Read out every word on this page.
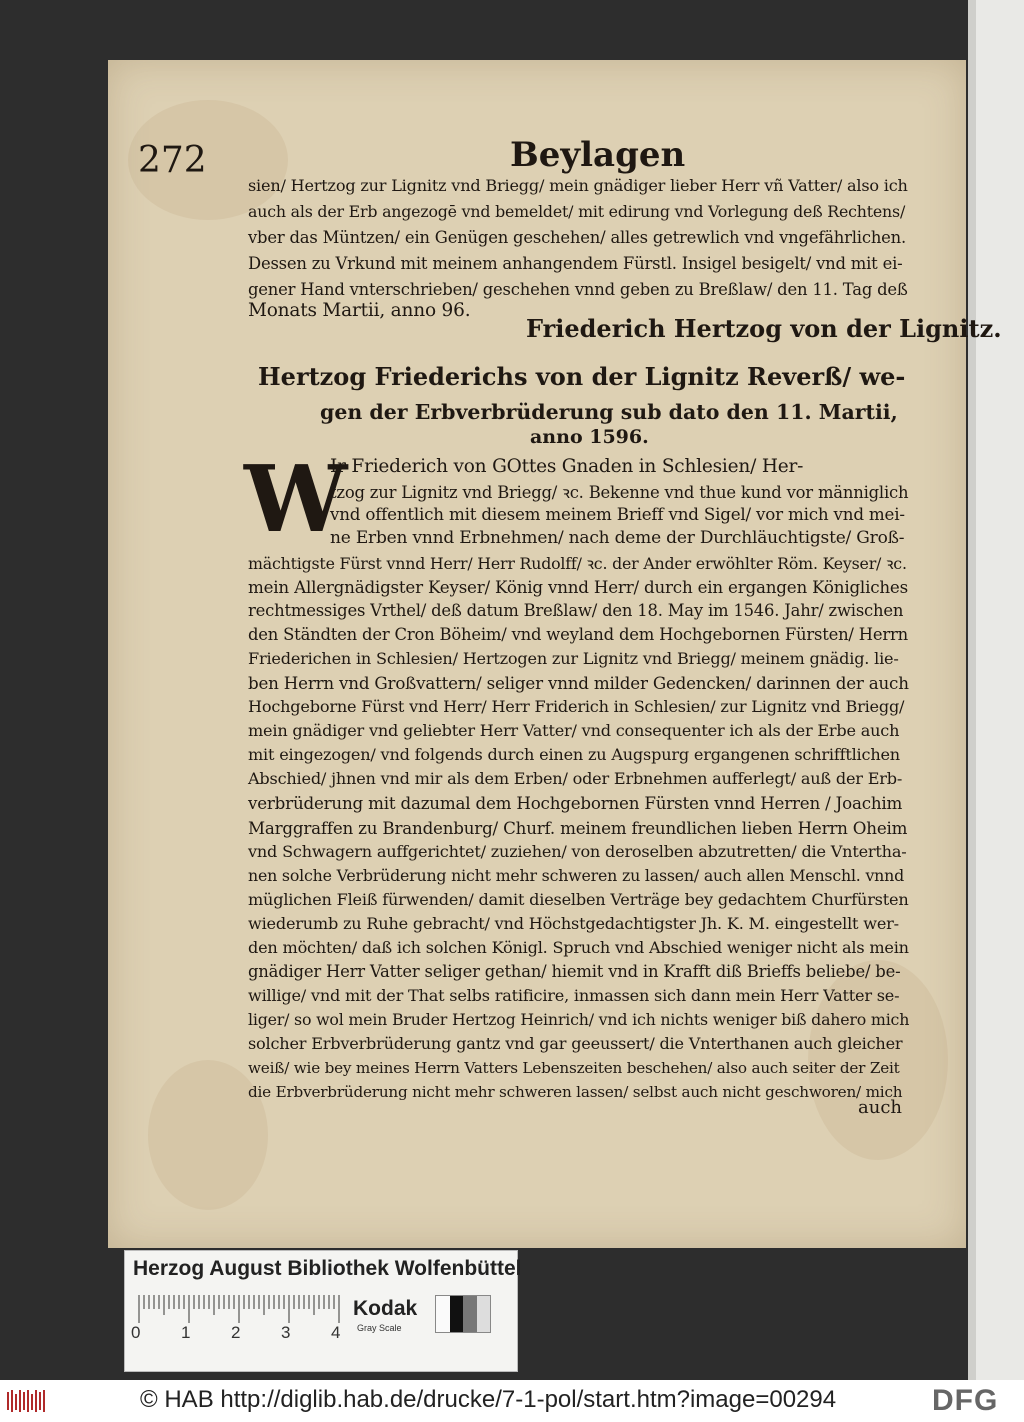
272	Beylagen
sien/ Hertzog zur Lignitz vnd Briegg/ mein gnädiger lieber Herr vñ Vatter/ also ich
auch als der Erb angezogē vnd bemeldet/ mit edirung vnd Vorlegung deß Rechtens/
vber das Müntzen/ ein Genügen geschehen/ alles getrewlich vnd vngefährlichen.
Dessen zu Vrkund mit meinem anhangendem Fürstl. Insigel besigelt/ vnd mit ei-
gener Hand vnterschrieben/ geschehen vnnd geben zu Breßlaw/ den 11. Tag deß
Monats Martii, anno 96.
Friederich Hertzog von der Lignitz.
Hertzog Friederichs von der Lignitz Reverß/ we-
gen der Erbverbrüderung sub dato den 11. Martii,
anno 1596.
W
Ir Friederich von GOttes Gnaden in Schlesien/ Her-
tzog zur Lignitz vnd Briegg/ ꝛc. Bekenne vnd thue kund vor männiglich
vnd offentlich mit diesem meinem Brieff vnd Sigel/ vor mich vnd mei-
ne Erben vnnd Erbnehmen/ nach deme der Durchläuchtigste/ Groß-
mächtigste Fürst vnnd Herr/ Herr Rudolff/ ꝛc. der Ander erwöhlter Röm. Keyser/ ꝛc.
mein Allergnädigster Keyser/ König vnnd Herr/ durch ein ergangen Königliches
rechtmessiges Vrthel/ deß datum Breßlaw/ den 18. May im 1546. Jahr/ zwischen
den Ständten der Cron Böheim/ vnd weyland dem Hochgebornen Fürsten/ Herrn
Friederichen in Schlesien/ Hertzogen zur Lignitz vnd Briegg/ meinem gnädig. lie-
ben Herrn vnd Großvattern/ seliger vnnd milder Gedencken/ darinnen der auch
Hochgeborne Fürst vnd Herr/ Herr Friderich in Schlesien/ zur Lignitz vnd Briegg/
mein gnädiger vnd geliebter Herr Vatter/ vnd consequenter ich als der Erbe auch
mit eingezogen/ vnd folgends durch einen zu Augspurg ergangenen schrifftlichen
Abschied/ jhnen vnd mir als dem Erben/ oder Erbnehmen aufferlegt/ auß der Erb-
verbrüderung mit dazumal dem Hochgebornen Fürsten vnnd Herren / Joachim
Marggraffen zu Brandenburg/ Churf. meinem freundlichen lieben Herrn Oheim
vnd Schwagern auffgerichtet/ zuziehen/ von deroselben abzutretten/ die Vntertha-
nen solche Verbrüderung nicht mehr schweren zu lassen/ auch allen Menschl. vnnd
müglichen Fleiß fürwenden/ damit dieselben Verträge bey gedachtem Churfürsten
wiederumb zu Ruhe gebracht/ vnd Höchstgedachtigster Jh. K. M. eingestellt wer-
den möchten/ daß ich solchen Königl. Spruch vnd Abschied weniger nicht als mein
gnädiger Herr Vatter seliger gethan/ hiemit vnd in Krafft diß Brieffs beliebe/ be-
willige/ vnd mit der That selbs ratificire, inmassen sich dann mein Herr Vatter se-
liger/ so wol mein Bruder Hertzog Heinrich/ vnd ich nichts weniger biß dahero mich
solcher Erbverbrüderung gantz vnd gar geeussert/ die Vnterthanen auch gleicher
weiß/ wie bey meines Herrn Vatters Lebenszeiten beschehen/ also auch seiter der Zeit
die Erbverbrüderung nicht mehr schweren lassen/ selbst auch nicht geschworen/ mich
auch
Herzog August Bibliothek Wolfenbüttel
0 1 2 3 4
Kodak
Gray Scale
© HAB http://diglib.hab.de/drucke/7-1-pol/start.htm?image=00294	DFG
